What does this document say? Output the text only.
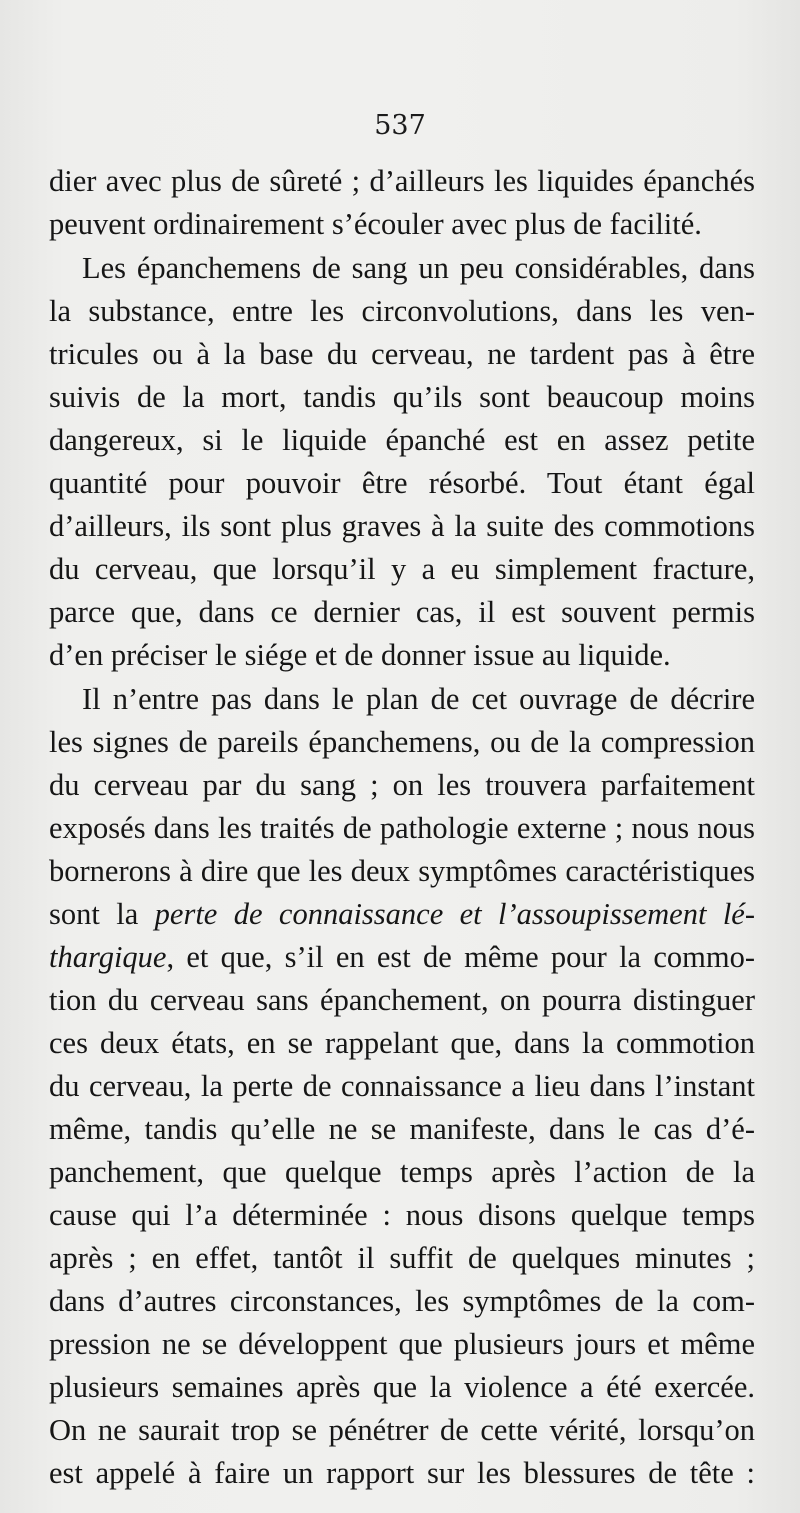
537

dier avec plus de sûreté ; d’ailleurs les liquides épanchés
peuvent ordinairement s’écouler avec plus de facilité.
Les épanchemens de sang un peu considérables, dans
la substance, entre les circonvolutions, dans les ven-
tricules ou à la base du cerveau, ne tardent pas à être
suivis de la mort, tandis qu’ils sont beaucoup moins
dangereux, si le liquide épanché est en assez petite
quantité pour pouvoir être résorbé. Tout étant égal
d’ailleurs, ils sont plus graves à la suite des commotions
du cerveau, que lorsqu’il y a eu simplement fracture,
parce que, dans ce dernier cas, il est souvent permis
d’en préciser le siége et de donner issue au liquide.
Il n’entre pas dans le plan de cet ouvrage de décrire
les signes de pareils épanchemens, ou de la compression
du cerveau par du sang ; on les trouvera parfaitement
exposés dans les traités de pathologie externe ; nous nous
bornerons à dire que les deux symptômes caractéristiques
sont la perte de connaissance et l’assoupissement lé-
thargique, et que, s’il en est de même pour la commo-
tion du cerveau sans épanchement, on pourra distinguer
ces deux états, en se rappelant que, dans la commotion
du cerveau, la perte de connaissance a lieu dans l’instant
même, tandis qu’elle ne se manifeste, dans le cas d’é-
panchement, que quelque temps après l’action de la
cause qui l’a déterminée : nous disons quelque temps
après ; en effet, tantôt il suffit de quelques minutes ;
dans d’autres circonstances, les symptômes de la com-
pression ne se développent que plusieurs jours et même
plusieurs semaines après que la violence a été exercée.
On ne saurait trop se pénétrer de cette vérité, lorsqu’on
est appelé à faire un rapport sur les blessures de tête :
